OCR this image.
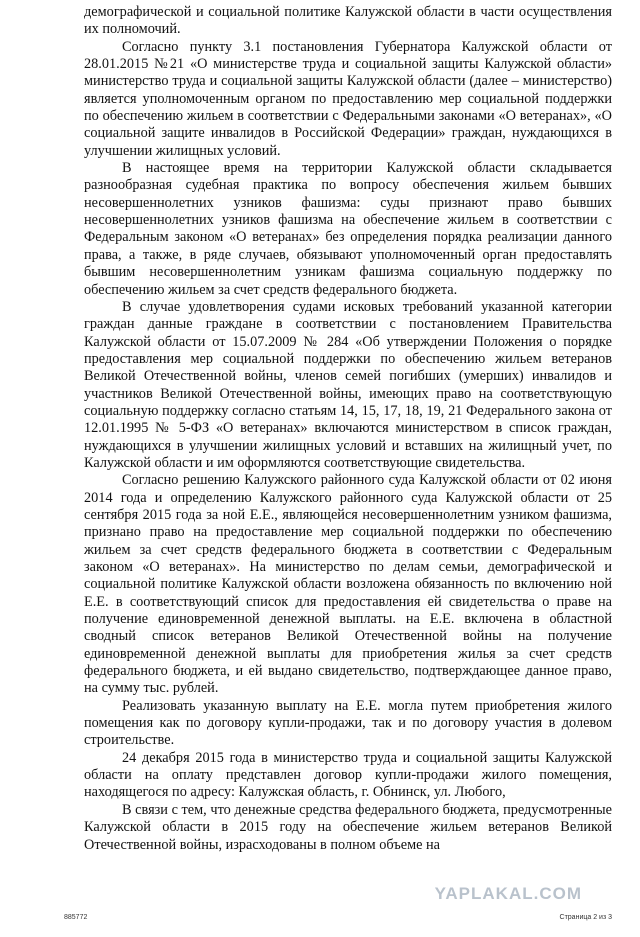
демографической и социальной политике Калужской области в части осуществления их полномочий.

Согласно пункту 3.1 постановления Губернатора Калужской области от 28.01.2015 №21 «О министерстве труда и социальной защиты Калужской области» министерство труда и социальной защиты Калужской области (далее – министерство) является уполномоченным органом по предоставлению мер социальной поддержки по обеспечению жильем в соответствии с Федеральными законами «О ветеранах», «О социальной защите инвалидов в Российской Федерации» граждан, нуждающихся в улучшении жилищных условий.

В настоящее время на территории Калужской области складывается разнообразная судебная практика по вопросу обеспечения жильем бывших несовершеннолетних узников фашизма: суды признают право бывших несовершеннолетних узников фашизма на обеспечение жильем в соответствии с Федеральным законом «О ветеранах» без определения порядка реализации данного права, а также, в ряде случаев, обязывают уполномоченный орган предоставлять бывшим несовершеннолетним узникам фашизма социальную поддержку по обеспечению жильем за счет средств федерального бюджета.

В случае удовлетворения судами исковых требований указанной категории граждан данные граждане в соответствии с постановлением Правительства Калужской области от 15.07.2009 № 284 «Об утверждении Положения о порядке предоставления мер социальной поддержки по обеспечению жильем ветеранов Великой Отечественной войны, членов семей погибших (умерших) инвалидов и участников Великой Отечественной войны, имеющих право на соответствующую социальную поддержку согласно статьям 14, 15, 17, 18, 19, 21 Федерального закона от 12.01.1995 № 5-ФЗ «О ветеранах» включаются министерством в список граждан, нуждающихся в улучшении жилищных условий и вставших на жилищный учет, по Калужской области и им оформляются соответствующие свидетельства.

Согласно решению Калужского районного суда Калужской области от 02 июня 2014 года и определению Калужского районного суда Калужской области от 25 сентября 2015 года за ной Е.Е., являющейся несовершеннолетним узником фашизма, признано право на предоставление мер социальной поддержки по обеспечению жильем за счет средств федерального бюджета в соответствии с Федеральным законом «О ветеранах». На министерство по делам семьи, демографической и социальной политике Калужской области возложена обязанность по включению ной Е.Е. в соответствующий список для предоставления ей свидетельства о праве на получение единовременной денежной выплаты. на Е.Е. включена в областной сводный список ветеранов Великой Отечественной войны на получение единовременной денежной выплаты для приобретения жилья за счет средств федерального бюджета, и ей выдано свидетельство, подтверждающее данное право, на сумму тыс. рублей.

Реализовать указанную выплату на Е.Е. могла путем приобретения жилого помещения как по договору купли-продажи, так и по договору участия в долевом строительстве.

24 декабря 2015 года в министерство труда и социальной защиты Калужской области на оплату представлен договор купли-продажи жилого помещения, находящегося по адресу: Калужская область, г. Обнинск, ул. Любого,

В связи с тем, что денежные средства федерального бюджета, предусмотренные Калужской области в 2015 году на обеспечение жильем ветеранов Великой Отечественной войны, израсходованы в полном объеме на

YAPLAKAL.COM
885772	Страница 2 из 3
